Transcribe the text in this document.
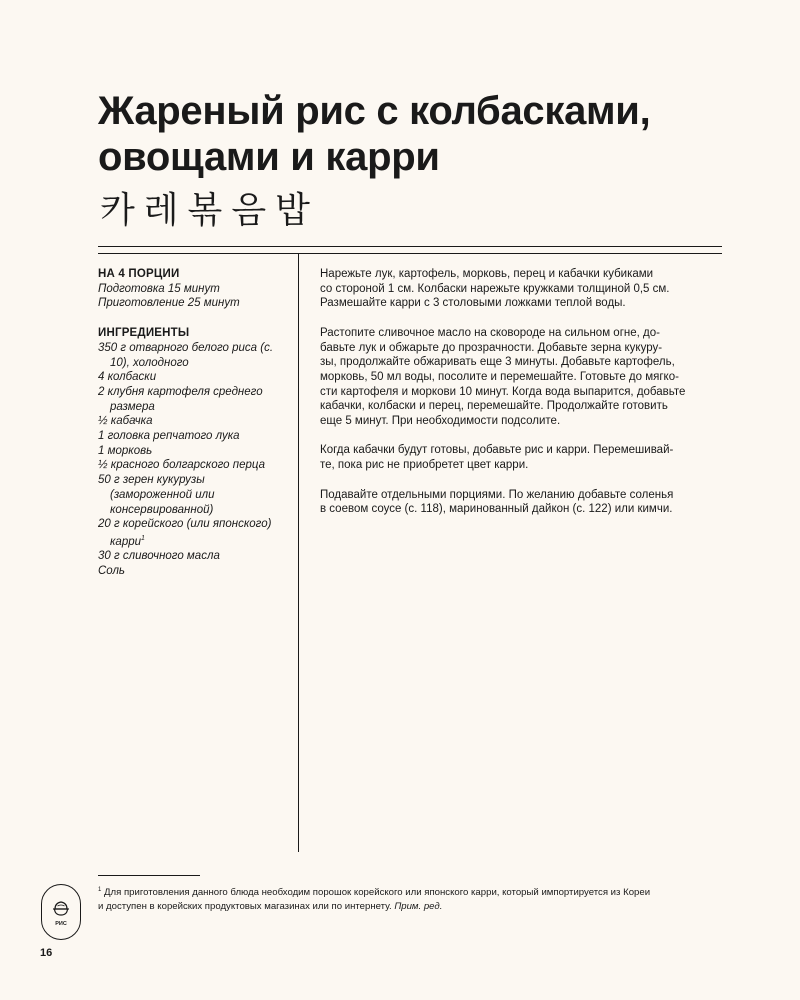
Жареный рис с колбасками,
овощами и карри
카레볶음밥
НА 4 ПОРЦИИ
Подготовка 15 минут
Приготовление 25 минут
ИНГРЕДИЕНТЫ
350 г отварного белого риса (с. 10), холодного
4 колбаски
2 клубня картофеля среднего размера
½ кабачка
1 головка репчатого лука
1 морковь
½ красного болгарского перца
50 г зерен кукурузы (замороженной или консервированной)
20 г корейского (или японского) карри$^1$
30 г сливочного масла
Соль

Нарежьте лук, картофель, морковь, перец и кабачки кубиками
со стороной 1 см. Колбаски нарежьте кружками толщиной 0,5 см.
Размешайте карри с 3 столовыми ложками теплой воды.

Растопите сливочное масло на сковороде на сильном огне, до-
бавьте лук и обжарьте до прозрачности. Добавьте зерна кукуру-
зы, продолжайте обжаривать еще 3 минуты. Добавьте картофель,
морковь, 50 мл воды, посолите и перемешайте. Готовьте до мягко-
сти картофеля и моркови 10 минут. Когда вода выпарится, добавьте
кабачки, колбаски и перец, перемешайте. Продолжайте готовить
еще 5 минут. При необходимости подсолите.

Когда кабачки будут готовы, добавьте рис и карри. Перемешивай-
те, пока рис не приобретет цвет карри.

Подавайте отдельными порциями. По желанию добавьте соленья
в соевом соусе (с. 118), маринованный дайкон (с. 122) или кимчи.

$^1$ Для приготовления данного блюда необходим порошок корейского или японского карри, который импортируется из Кореи
и доступен в корейских продуктовых магазинах или по интернету. Прим. ред.
РИС
16
